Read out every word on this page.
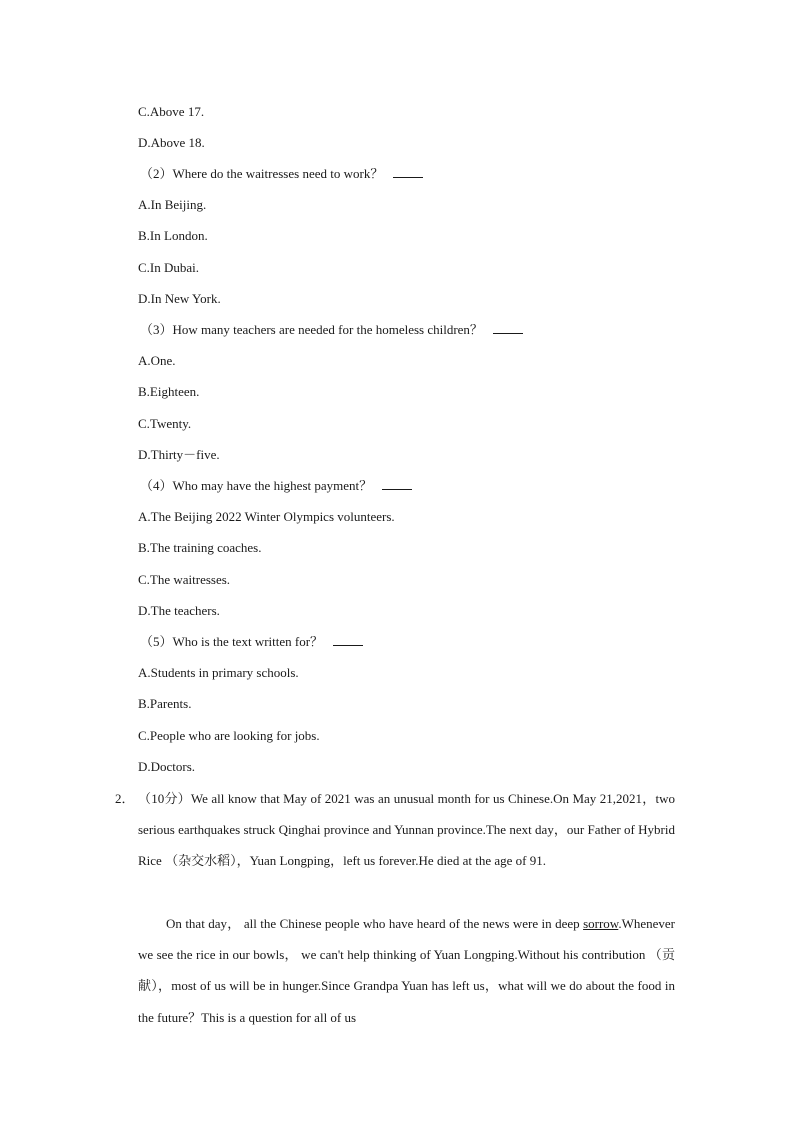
C.Above 17.
D.Above 18.
（2）Where do the waitresses need to work？
A.In Beijing.
B.In London.
C.In Dubai.
D.In New York.
（3）How many teachers are needed for the homeless children？
A.One.
B.Eighteen.
C.Twenty.
D.Thirty－five.
（4）Who may have the highest payment？
A.The Beijing 2022 Winter Olympics volunteers.
B.The training coaches.
C.The waitresses.
D.The teachers.
（5）Who is the text written for？
A.Students in primary schools.
B.Parents.
C.People who are looking for jobs.
D.Doctors.

2． （10分）We all know that May of 2021 was an unusual month for us Chinese.On May 21,2021，two serious earthquakes struck Qinghai province and Yunnan province.The next day，our Father of Hybrid Rice （杂交水稻），Yuan Longping，left us forever.He died at the age of 91.

On that day， all the Chinese people who have heard of the news were in deep sorrow.Whenever we see the rice in our bowls， we can't help thinking of Yuan Longping.Without his contribution （贡献），most of us will be in hunger.Since Grandpa Yuan has left us，what will we do about the food in the future？This is a question for all of us
